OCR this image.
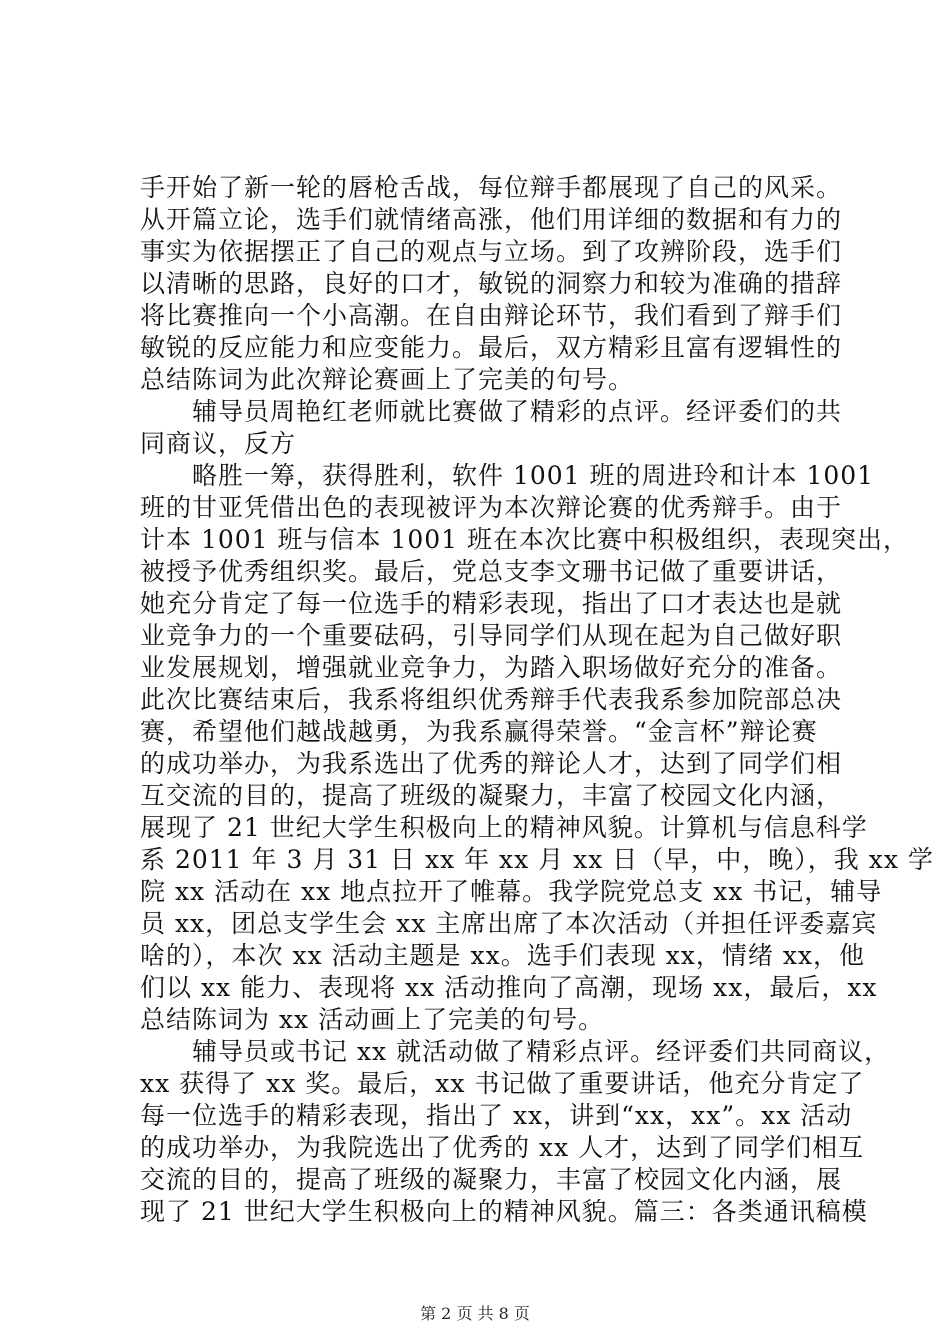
手开始了新一轮的唇枪舌战，每位辩手都展现了自己的风采。
从开篇立论，选手们就情绪高涨，他们用详细的数据和有力的
事实为依据摆正了自己的观点与立场。到了攻辨阶段，选手们
以清晰的思路，良好的口才，敏锐的洞察力和较为准确的措辞
将比赛推向一个小高潮。在自由辩论环节，我们看到了辩手们
敏锐的反应能力和应变能力。最后，双方精彩且富有逻辑性的
总结陈词为此次辩论赛画上了完美的句号。
　　辅导员周艳红老师就比赛做了精彩的点评。经评委们的共
同商议，反方
　　略胜一筹，获得胜利，软件 1001 班的周进玲和计本 1001
班的甘亚凭借出色的表现被评为本次辩论赛的优秀辩手。由于
计本 1001 班与信本 1001 班在本次比赛中积极组织，表现突出，
被授予优秀组织奖。最后，党总支李文珊书记做了重要讲话，
她充分肯定了每一位选手的精彩表现，指出了口才表达也是就
业竞争力的一个重要砝码，引导同学们从现在起为自己做好职
业发展规划，增强就业竞争力，为踏入职场做好充分的准备。
此次比赛结束后，我系将组织优秀辩手代表我系参加院部总决
赛，希望他们越战越勇，为我系赢得荣誉。“金言杯”辩论赛
的成功举办，为我系选出了优秀的辩论人才，达到了同学们相
互交流的目的，提高了班级的凝聚力，丰富了校园文化内涵，
展现了 21 世纪大学生积极向上的精神风貌。计算机与信息科学
系 2011 年 3 月 31 日 xx 年 xx 月 xx 日（早，中，晚），我 xx 学
院 xx 活动在 xx 地点拉开了帷幕。我学院党总支 xx 书记，辅导
员 xx，团总支学生会 xx 主席出席了本次活动（并担任评委嘉宾
啥的），本次 xx 活动主题是 xx。选手们表现 xx，情绪 xx，他
们以 xx 能力、表现将 xx 活动推向了高潮，现场 xx，最后，xx
总结陈词为 xx 活动画上了完美的句号。
　　辅导员或书记 xx 就活动做了精彩点评。经评委们共同商议，
xx 获得了 xx 奖。最后，xx 书记做了重要讲话，他充分肯定了
每一位选手的精彩表现，指出了 xx，讲到“xx，xx”。xx 活动
的成功举办，为我院选出了优秀的 xx 人才，达到了同学们相互
交流的目的，提高了班级的凝聚力，丰富了校园文化内涵，展
现了 21 世纪大学生积极向上的精神风貌。篇三：各类通讯稿模
第 2 页 共 8 页
